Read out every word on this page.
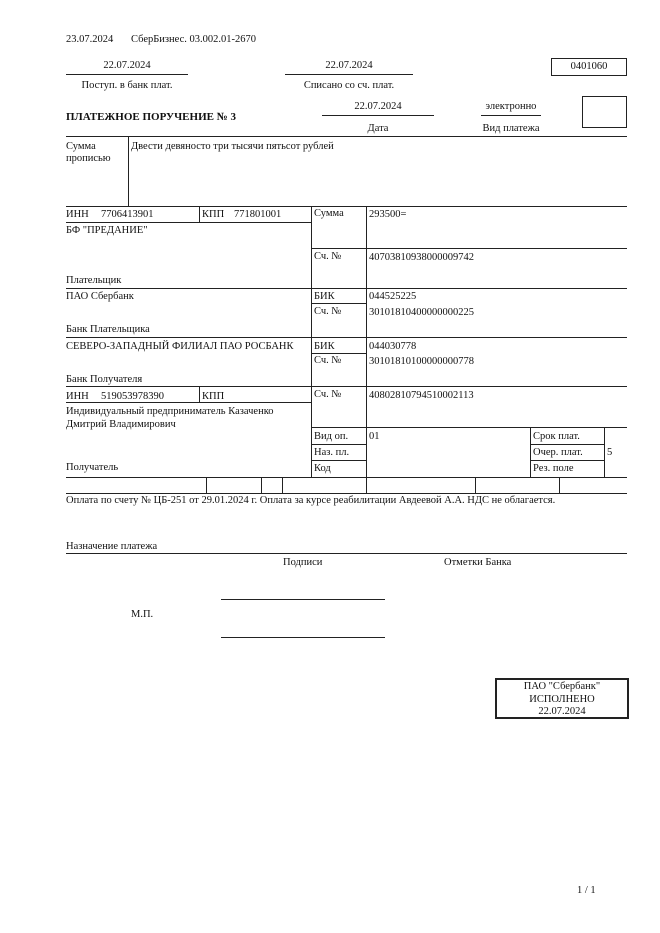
23.07.2024 СберБизнес. 03.002.01-2670
22.07.2024
Поступ. в банк плат.
22.07.2024
Списано со сч. плат.
0401060
ПЛАТЕЖНОЕ ПОРУЧЕНИЕ № 3
22.07.2024
Дата
электронно
Вид платежа
Сумма
прописью
Двести девяносто три тысячи пятьсот рублей
ИНН 7706413901	КПП 771801001
БФ "ПРЕДАНИЕ"
Плательщик
Сумма 293500=
Сч. №	40703810938000009742
ПАО Сбербанк
Банк Плательщика
БИК	044525225
Сч. №	30101810400000000225
СЕВЕРО-ЗАПАДНЫЙ ФИЛИАЛ ПАО РОСБАНК
Банк Получателя
БИК	044030778
Сч. №	30101810100000000778
ИНН 519053978390	КПП
Индивидуальный предприниматель Казаченко
Дмитрий Владимирович
Получатель
Сч. №	40802810794510002113
Вид оп. 01	Срок плат.
Наз. пл.	Очер. плат. 5
Код	Рез. поле
Оплата по счету № ЦБ-251 от 29.01.2024 г. Оплата за курсе реабилитации Авдеевой А.А. НДС не облагается.
Назначение платежа
Подписи	Отметки Банка
М.П.
ПАО "Сбербанк"
ИСПОЛНЕНО
22.07.2024
1 / 1
